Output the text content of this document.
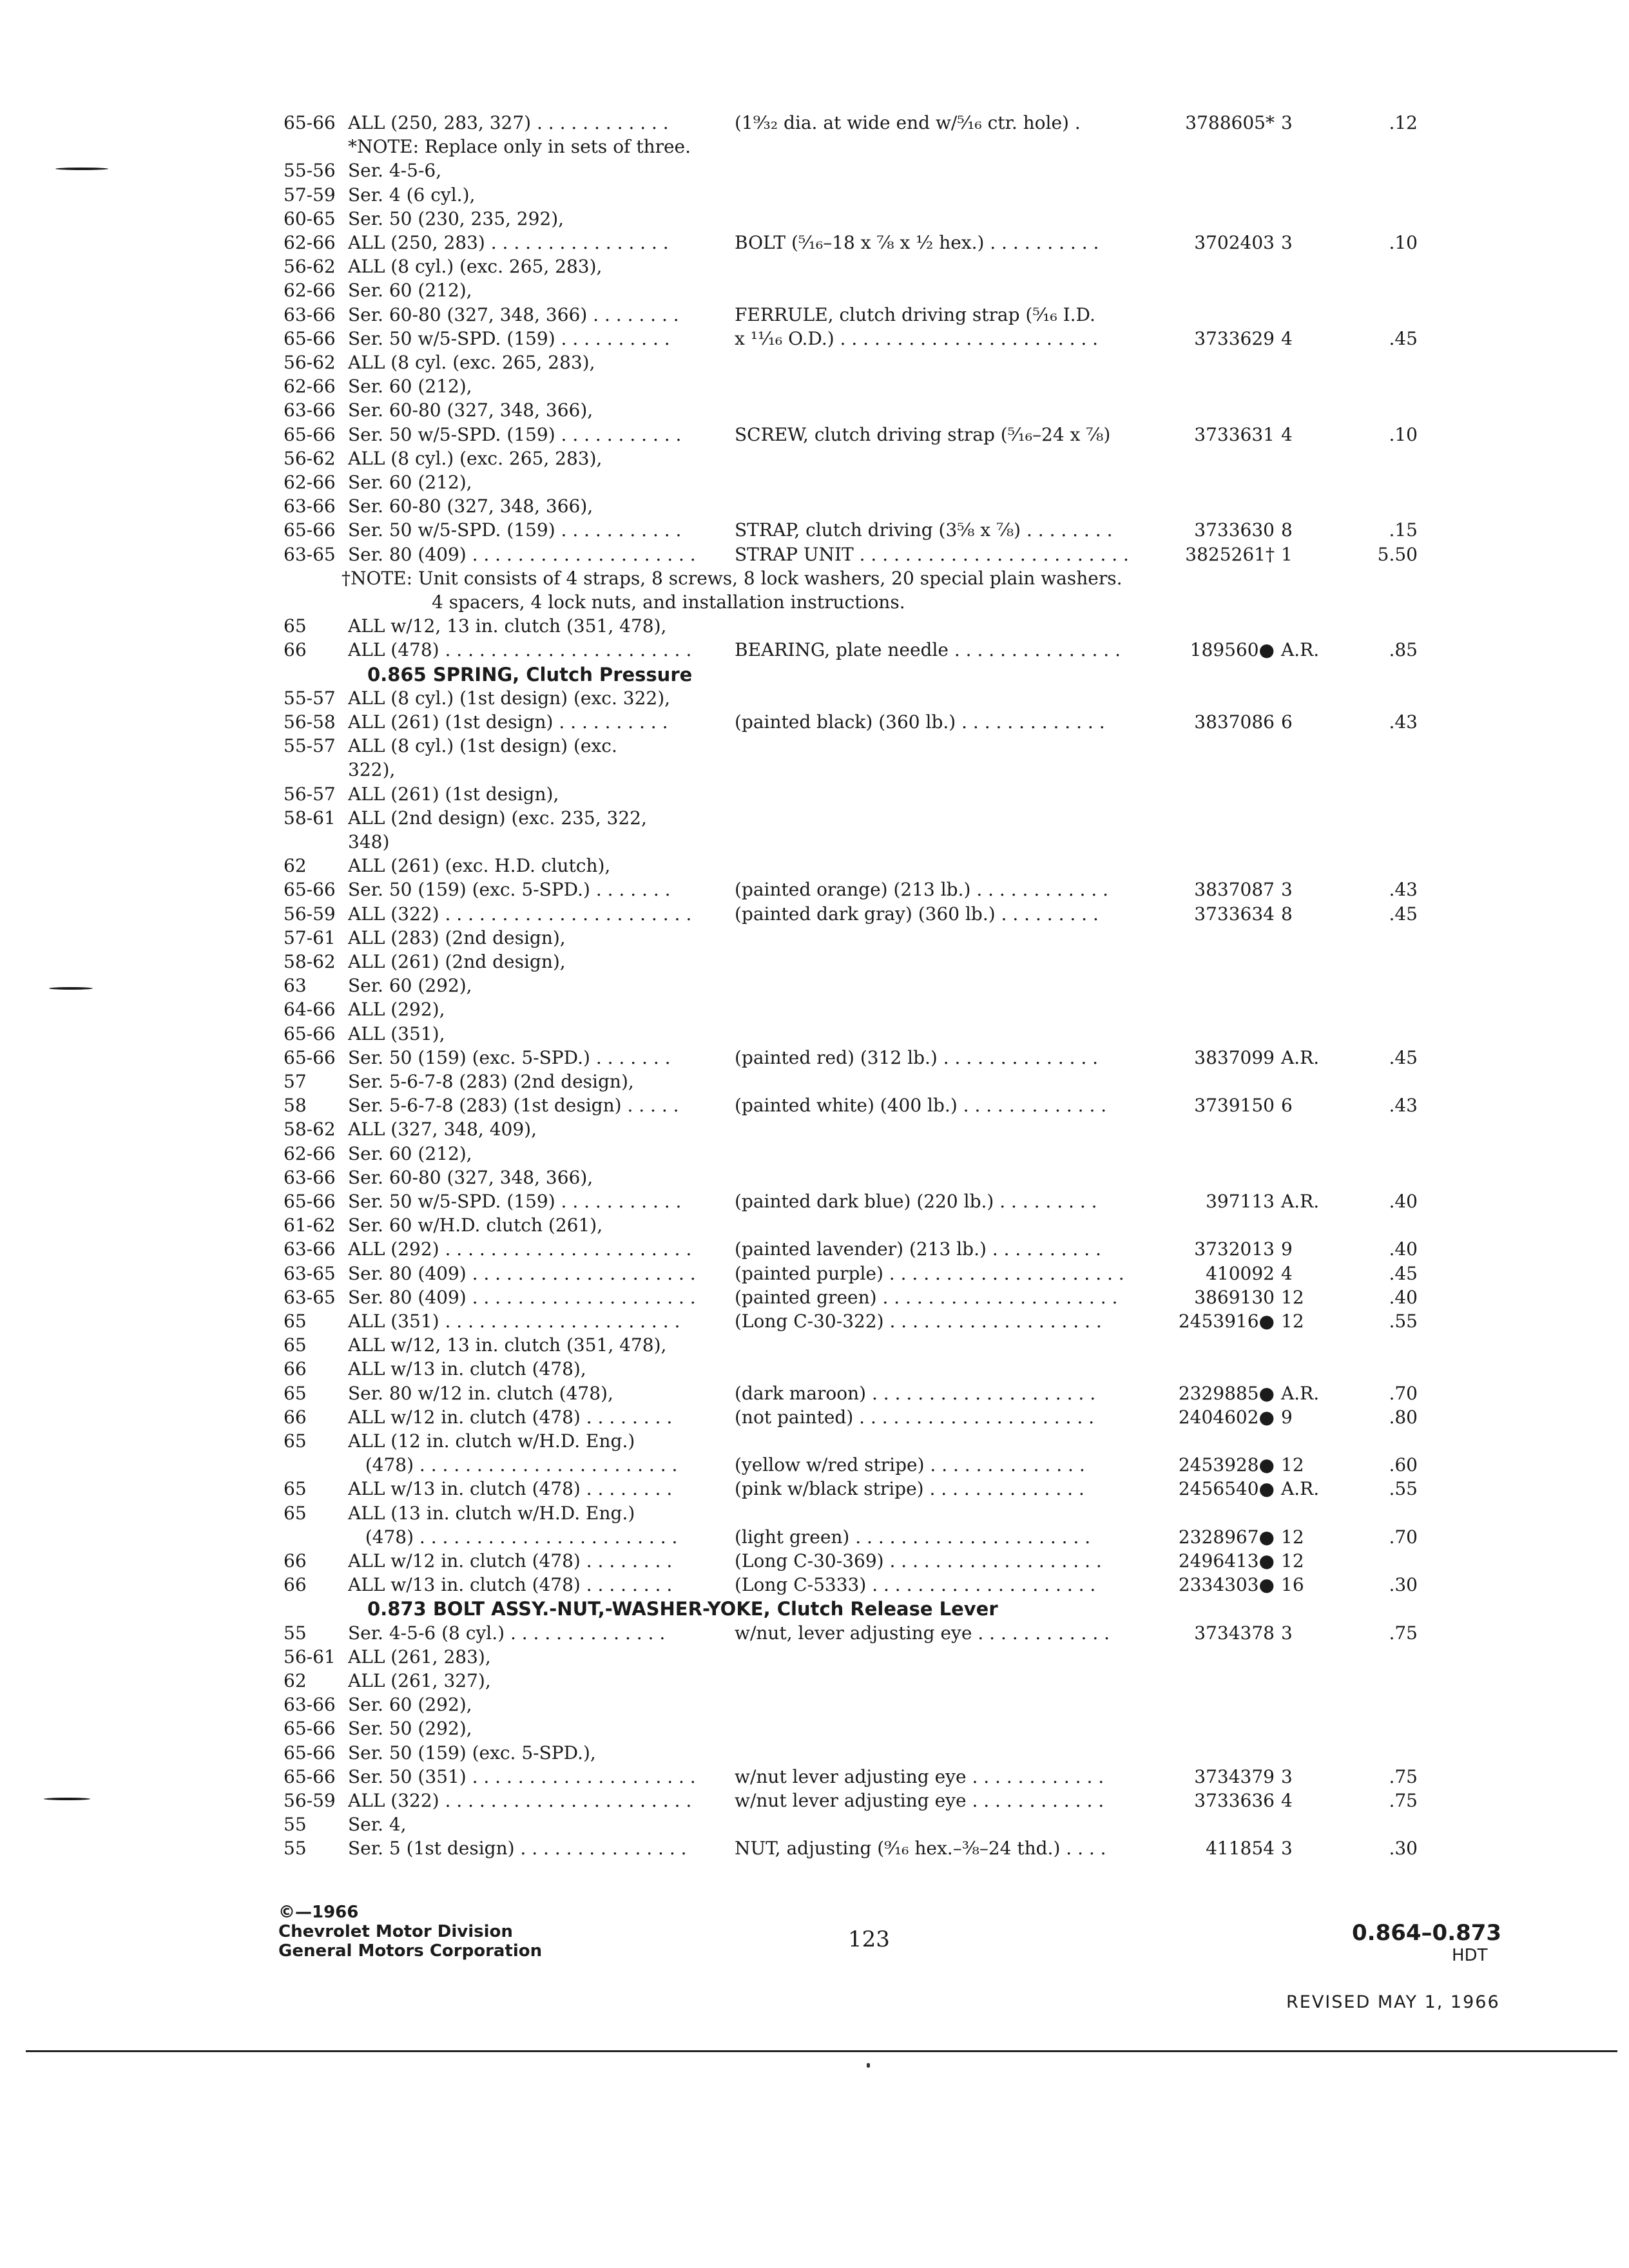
65-66 ALL (250, 283, 327) . . . . . . . . . . . .	(1⁹⁄₃₂ dia. at wide end w/⁵⁄₁₆ ctr. hole) .	3788605* 3	.12
*NOTE: Replace only in sets of three.
55-56 Ser. 4-5-6,
57-59 Ser. 4 (6 cyl.),
60-65 Ser. 50 (230, 235, 292),
62-66 ALL (250, 283) . . . . . . . . . . . . . . . .	BOLT (⁵⁄₁₆–18 x ⁷⁄₈ x ½ hex.) . . . . . . . . . .	3702403 3	.10
56-62 ALL (8 cyl.) (exc. 265, 283),
62-66 Ser. 60 (212),
63-66 Ser. 60-80 (327, 348, 366) . . . . . . . .	FERRULE, clutch driving strap (⁵⁄₁₆ I.D.
65-66 Ser. 50 w/5-SPD. (159) . . . . . . . . . .	x ¹¹⁄₁₆ O.D.) . . . . . . . . . . . . . . . . . . . . . . .	3733629 4	.45
56-62 ALL (8 cyl. (exc. 265, 283),
62-66 Ser. 60 (212),
63-66 Ser. 60-80 (327, 348, 366),
65-66 Ser. 50 w/5-SPD. (159) . . . . . . . . . . .	SCREW, clutch driving strap (⁵⁄₁₆–24 x ⁷⁄₈)	3733631 4	.10
56-62 ALL (8 cyl.) (exc. 265, 283),
62-66 Ser. 60 (212),
63-66 Ser. 60-80 (327, 348, 366),
65-66 Ser. 50 w/5-SPD. (159) . . . . . . . . . . .	STRAP, clutch driving (3⁵⁄₈ x ⁷⁄₈) . . . . . . . .	3733630 8	.15
63-65 Ser. 80 (409) . . . . . . . . . . . . . . . . . . . .	STRAP UNIT . . . . . . . . . . . . . . . . . . . . . . . .	3825261† 1	5.50
†NOTE: Unit consists of 4 straps, 8 screws, 8 lock washers, 20 special plain washers.
4 spacers, 4 lock nuts, and installation instructions.
65 ALL w/12, 13 in. clutch (351, 478),
66 ALL (478) . . . . . . . . . . . . . . . . . . . . . .	BEARING, plate needle . . . . . . . . . . . . . . .	189560● A.R.	.85
0.865 SPRING, Clutch Pressure
55-57 ALL (8 cyl.) (1st design) (exc. 322),
56-58 ALL (261) (1st design) . . . . . . . . . .	(painted black) (360 lb.) . . . . . . . . . . . . .	3837086 6	.43
55-57 ALL (8 cyl.) (1st design) (exc.
322),
56-57 ALL (261) (1st design),
58-61 ALL (2nd design) (exc. 235, 322,
348)
62 ALL (261) (exc. H.D. clutch),
65-66 Ser. 50 (159) (exc. 5-SPD.) . . . . . . .	(painted orange) (213 lb.) . . . . . . . . . . . .	3837087 3	.43
56-59 ALL (322) . . . . . . . . . . . . . . . . . . . . . .	(painted dark gray) (360 lb.) . . . . . . . . .	3733634 8	.45
57-61 ALL (283) (2nd design),
58-62 ALL (261) (2nd design),
63 Ser. 60 (292),
64-66 ALL (292),
65-66 ALL (351),
65-66 Ser. 50 (159) (exc. 5-SPD.) . . . . . . .	(painted red) (312 lb.) . . . . . . . . . . . . . .	3837099 A.R.	.45
57 Ser. 5-6-7-8 (283) (2nd design),
58 Ser. 5-6-7-8 (283) (1st design) . . . . .	(painted white) (400 lb.) . . . . . . . . . . . . .	3739150 6	.43
58-62 ALL (327, 348, 409),
62-66 Ser. 60 (212),
63-66 Ser. 60-80 (327, 348, 366),
65-66 Ser. 50 w/5-SPD. (159) . . . . . . . . . . .	(painted dark blue) (220 lb.) . . . . . . . . .	397113 A.R.	.40
61-62 Ser. 60 w/H.D. clutch (261),
63-66 ALL (292) . . . . . . . . . . . . . . . . . . . . . .	(painted lavender) (213 lb.) . . . . . . . . . .	3732013 9	.40
63-65 Ser. 80 (409) . . . . . . . . . . . . . . . . . . . .	(painted purple) . . . . . . . . . . . . . . . . . . . . .	410092 4	.45
63-65 Ser. 80 (409) . . . . . . . . . . . . . . . . . . . .	(painted green) . . . . . . . . . . . . . . . . . . . . .	3869130 12	.40
65 ALL (351) . . . . . . . . . . . . . . . . . . . . .	(Long C-30-322) . . . . . . . . . . . . . . . . . . .	2453916● 12	.55
65 ALL w/12, 13 in. clutch (351, 478),
66 ALL w/13 in. clutch (478),
65 Ser. 80 w/12 in. clutch (478),	(dark maroon) . . . . . . . . . . . . . . . . . . . .	2329885● A.R.	.70
66 ALL w/12 in. clutch (478) . . . . . . . .	(not painted) . . . . . . . . . . . . . . . . . . . . .	2404602● 9	.80
65 ALL (12 in. clutch w/H.D. Eng.)
(478) . . . . . . . . . . . . . . . . . . . . . . .	(yellow w/red stripe) . . . . . . . . . . . . . .	2453928● 12	.60
65 ALL w/13 in. clutch (478) . . . . . . . .	(pink w/black stripe) . . . . . . . . . . . . . .	2456540● A.R.	.55
65 ALL (13 in. clutch w/H.D. Eng.)
(478) . . . . . . . . . . . . . . . . . . . . . . .	(light green) . . . . . . . . . . . . . . . . . . . . .	2328967● 12	.70
66 ALL w/12 in. clutch (478) . . . . . . . .	(Long C-30-369) . . . . . . . . . . . . . . . . . . .	2496413● 12
66 ALL w/13 in. clutch (478) . . . . . . . .	(Long C-5333) . . . . . . . . . . . . . . . . . . . .	2334303● 16	.30
0.873 BOLT ASSY.-NUT,-WASHER-YOKE, Clutch Release Lever
55 Ser. 4-5-6 (8 cyl.) . . . . . . . . . . . . . .	w/nut, lever adjusting eye . . . . . . . . . . . .	3734378 3	.75
56-61 ALL (261, 283),
62 ALL (261, 327),
63-66 Ser. 60 (292),
65-66 Ser. 50 (292),
65-66 Ser. 50 (159) (exc. 5-SPD.),
65-66 Ser. 50 (351) . . . . . . . . . . . . . . . . . . . .	w/nut lever adjusting eye . . . . . . . . . . . .	3734379 3	.75
56-59 ALL (322) . . . . . . . . . . . . . . . . . . . . . .	w/nut lever adjusting eye . . . . . . . . . . . .	3733636 4	.75
55 Ser. 4,
55 Ser. 5 (1st design) . . . . . . . . . . . . . . .	NUT, adjusting (⁹⁄₁₆ hex.–³⁄₈–24 thd.) . . . .	411854 3	.30
©—1966
Chevrolet Motor Division
General Motors Corporation	123	0.864–0.873
HDT
REVISED MAY 1, 1966
